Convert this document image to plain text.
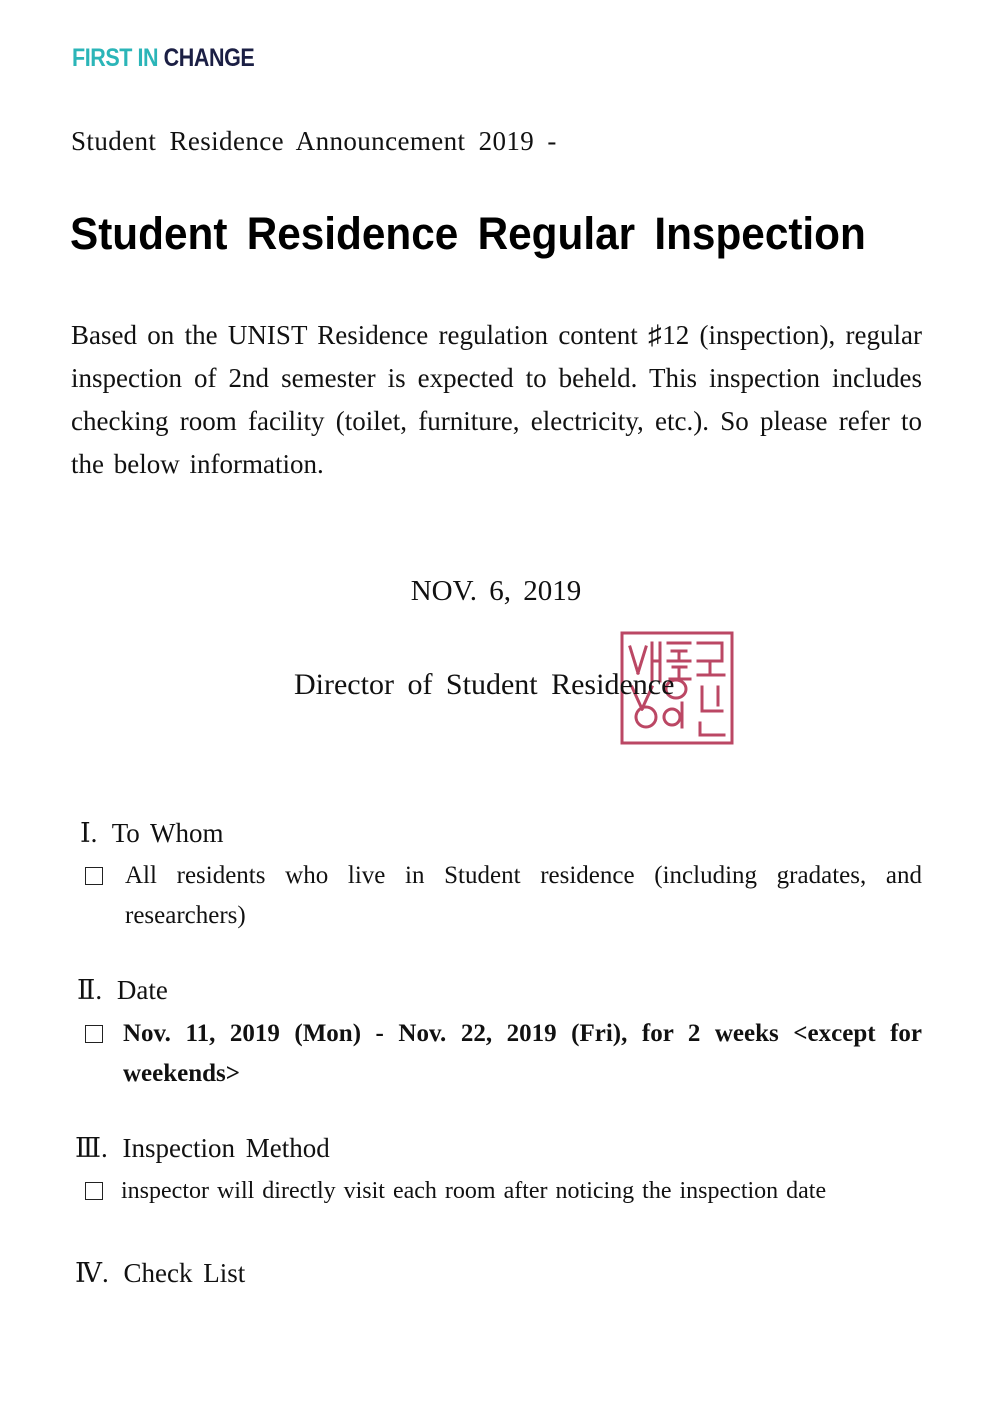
FIRST IN CHANGE
Student Residence Announcement 2019 -
Student Residence Regular Inspection
Based on the UNIST Residence regulation content ♯12 (inspection), regular inspection of 2nd semester is expected to beheld. This inspection includes checking room facility (toilet, furniture, electricity, etc.). So please refer to the below information.
NOV. 6, 2019
Director of Student Residence
Ⅰ. To Whom
All residents who live in Student residence (including gradates, and researchers)
Ⅱ. Date
Nov. 11, 2019 (Mon) - Nov. 22, 2019 (Fri), for 2 weeks <except for weekends>
Ⅲ. Inspection Method
inspector will directly visit each room after noticing the inspection date
Ⅳ. Check List
